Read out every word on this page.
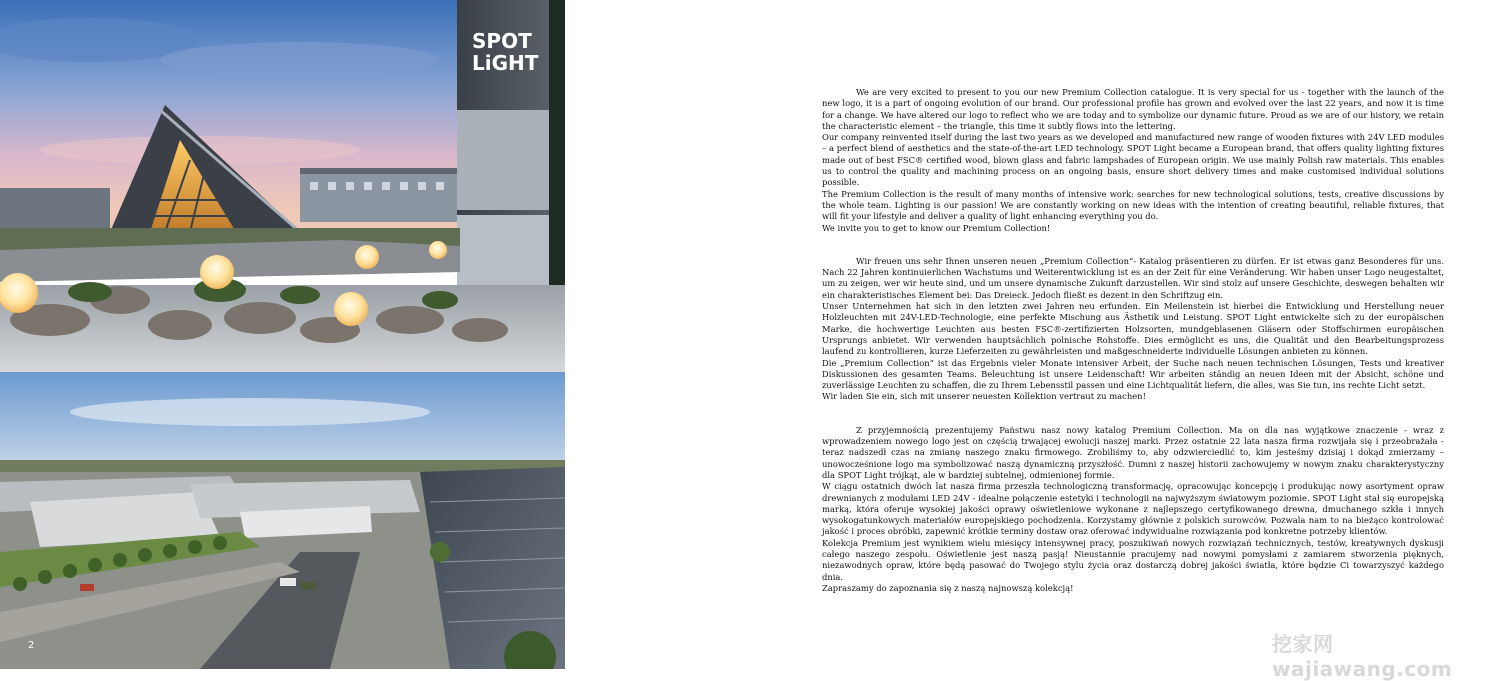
SPOT
LiGHT
2

We are very excited to present to you our new Premium Collection catalogue. It is very special for us - together with the launch of the new logo, it is a part of ongoing evolution of our brand. Our professional profile has grown and evolved over the last 22 years, and now it is time for a change. We have altered our logo to reflect who we are today and to symbolize our dynamic future. Proud as we are of our history, we retain the characteristic element – the triangle, this time it subtly flows into the lettering.

Our company reinvented itself during the last two years as we developed and manufactured new range of wooden fixtures with 24V LED modules – a perfect blend of aesthetics and the state-of-the-art LED technology. SPOT Light became a European brand, that offers quality lighting fixtures made out of best FSC® certified wood, blown glass and fabric lampshades of European origin. We use mainly Polish raw materials. This enables us to control the quality and machining process on an ongoing basis, ensure short delivery times and make customised individual solutions possible.

The Premium Collection is the result of many months of intensive work: searches for new technological solutions, tests, creative discussions by the whole team. Lighting is our passion! We are constantly working on new ideas with the intention of creating beautiful, reliable fixtures, that will fit your lifestyle and deliver a quality of light enhancing everything you do.

We invite you to get to know our Premium Collection!

Wir freuen uns sehr Ihnen unseren neuen „Premium Collection“- Katalog präsentieren zu dürfen. Er ist etwas ganz Besonderes für uns. Nach 22 Jahren kontinuierlichen Wachstums und Weiterentwicklung ist es an der Zeit für eine Veränderung. Wir haben unser Logo neugestaltet, um zu zeigen, wer wir heute sind, und um unsere dynamische Zukunft darzustellen. Wir sind stolz auf unsere Geschichte, deswegen behalten wir ein charakteristisches Element bei: Das Dreieck. Jedoch fließt es dezent in den Schriftzug ein.

Unser Unternehmen hat sich in den letzten zwei Jahren neu erfunden. Ein Meilenstein ist hierbei die Entwicklung und Herstellung neuer Holzleuchten mit 24V-LED-Technologie, eine perfekte Mischung aus Ästhetik und Leistung. SPOT Light entwickelte sich zu der europäischen Marke, die hochwertige Leuchten aus besten FSC®-zertifizierten Holzsorten, mundgeblasenen Gläsern oder Stoffschirmen europäischen Ursprungs anbietet. Wir verwenden hauptsächlich polnische Rohstoffe. Dies ermöglicht es uns, die Qualität und den Bearbeitungsprozess laufend zu kontrollieren, kurze Lieferzeiten zu gewährleisten und maßgeschneiderte individuelle Lösungen anbieten zu können.

Die „Premium Collection“ ist das Ergebnis vieler Monate intensiver Arbeit, der Suche nach neuen technischen Lösungen, Tests und kreativer Diskussionen des gesamten Teams. Beleuchtung ist unsere Leidenschaft! Wir arbeiten ständig an neuen Ideen mit der Absicht, schöne und zuverlässige Leuchten zu schaffen, die zu Ihrem Lebensstil passen und eine Lichtqualität liefern, die alles, was Sie tun, ins rechte Licht setzt.

Wir laden Sie ein, sich mit unserer neuesten Kollektion vertraut zu machen!

Z przyjemnością prezentujemy Państwu nasz nowy katalog Premium Collection. Ma on dla nas wyjątkowe znaczenie - wraz z wprowadzeniem nowego logo jest on częścią trwającej ewolucji naszej marki. Przez ostatnie 22 lata nasza firma rozwijała się i przeobrażała - teraz nadszedł czas na zmianę naszego znaku firmowego. Zrobiliśmy to, aby odzwierciedlić to, kim jesteśmy dzisiaj i dokąd zmierzamy – unowocześnione logo ma symbolizować naszą dynamiczną przyszłość. Dumni z naszej historii zachowujemy w nowym znaku charakterystyczny dla SPOT Light trójkąt, ale w bardziej subtelnej, odmienionej formie.

W ciągu ostatnich dwóch lat nasza firma przeszła technologiczną transformację, opracowując koncepcję i produkując nowy asortyment opraw drewnianych z modułami LED 24V - idealne połączenie estetyki i technologii na najwyższym światowym poziomie. SPOT Light stał się europejską marką, która oferuje wysokiej jakości oprawy oświetleniowe wykonane z najlepszego certyfikowanego drewna, dmuchanego szkła i innych wysokogatunkowych materiałów europejskiego pochodzenia. Korzystamy głównie z polskich surowców. Pozwala nam to na bieżąco kontrolować jakość i proces obróbki, zapewnić krótkie terminy dostaw oraz oferować indywidualne rozwiązania pod konkretne potrzeby klientów.

Kolekcja Premium jest wynikiem wielu miesięcy intensywnej pracy, poszukiwań nowych rozwiązań technicznych, testów, kreatywnych dyskusji całego naszego zespołu. Oświetlenie jest naszą pasją! Nieustannie pracujemy nad nowymi pomysłami z zamiarem stworzenia pięknych, niezawodnych opraw, które będą pasować do Twojego stylu życia oraz dostarczą dobrej jakości światła, które będzie Ci towarzyszyć każdego dnia.

Zapraszamy do zapoznania się z naszą najnowszą kolekcją!

挖家网 wajiawang.com
